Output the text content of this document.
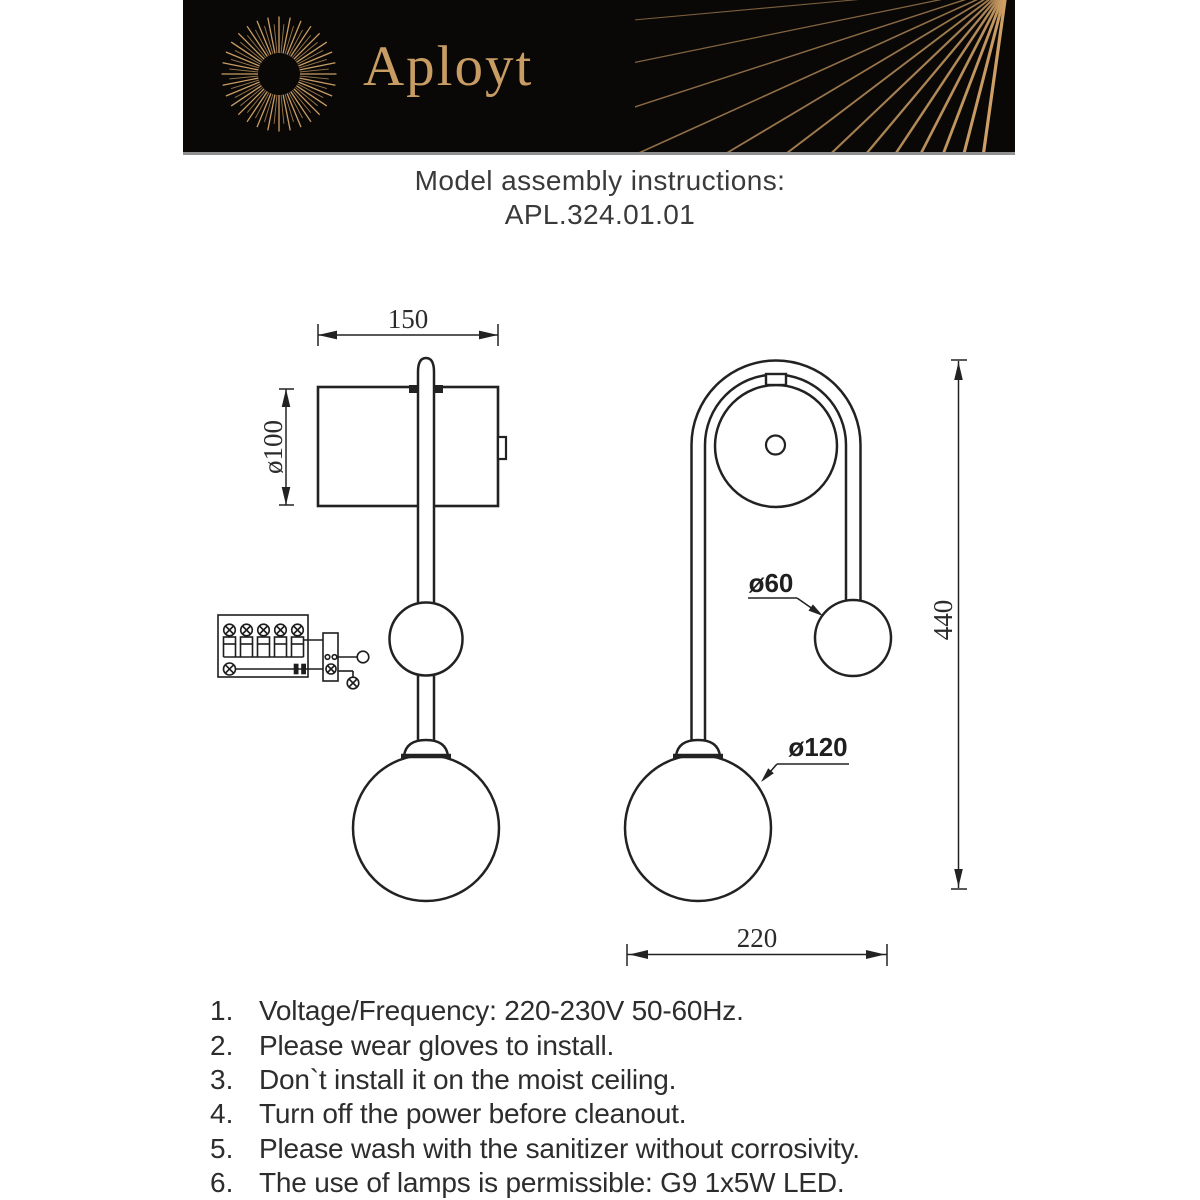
150
ø100
ø60
ø120
440
220
Aployt
Model assembly instructions:
APL.324.01.01
1. Voltage/Frequency: 220-230V 50-60Hz.
2. Please wear gloves to install.
3. Don`t install it on the moist ceiling.
4. Turn off the power before cleanout.
5. Please wash with the sanitizer without corrosivity.
6. The use of lamps is permissible: G9 1x5W LED.
